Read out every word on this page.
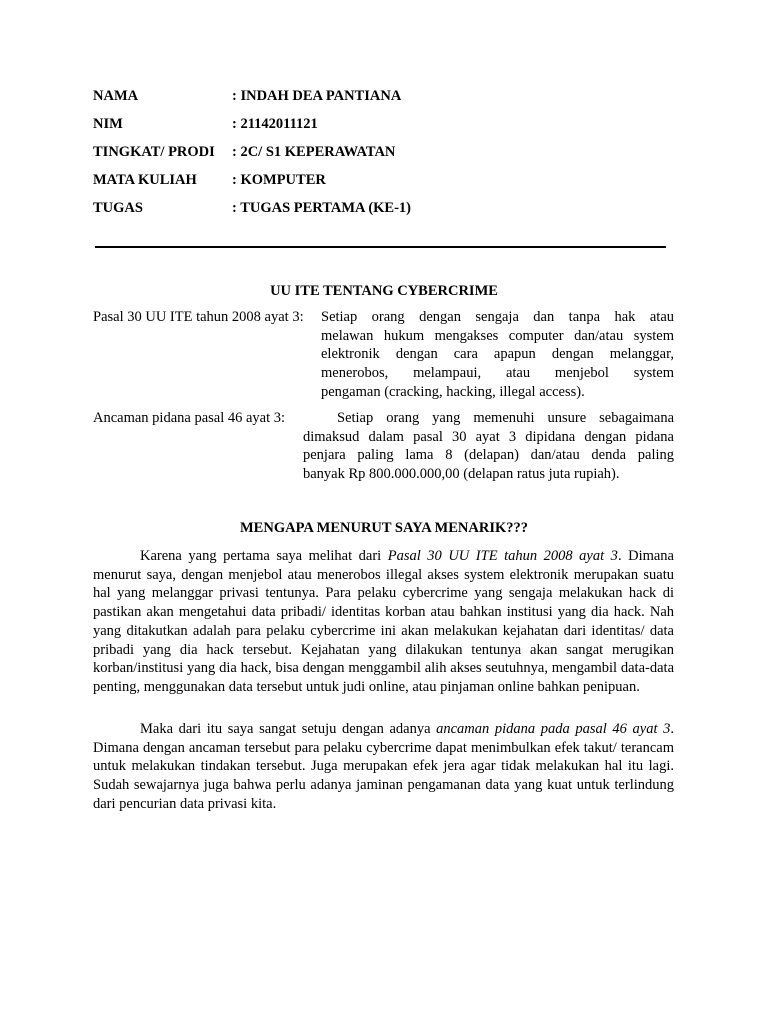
NAMA	: INDAH DEA PANTIANA
NIM	: 21142011121
TINGKAT/ PRODI : 2C/ S1 KEPERAWATAN
MATA KULIAH : KOMPUTER
TUGAS	: TUGAS PERTAMA (KE-1)
UU ITE TENTANG CYBERCRIME
Pasal 30 UU ITE tahun 2008 ayat 3: Setiap orang dengan sengaja dan tanpa hak atau
melawan hukum mengakses computer dan/atau system
elektronik dengan cara apapun dengan melanggar,
menerobos, melampaui, atau menjebol system
pengaman (cracking, hacking, illegal access).
Ancaman pidana pasal 46 ayat 3:	Setiap orang yang memenuhi unsure sebagaimana
dimaksud dalam pasal 30 ayat 3 dipidana dengan pidana
penjara paling lama 8 (delapan) dan/atau denda paling
banyak Rp 800.000.000,00 (delapan ratus juta rupiah).
MENGAPA MENURUT SAYA MENARIK???
Karena yang pertama saya melihat dari Pasal 30 UU ITE tahun 2008 ayat 3. Dimana menurut saya, dengan menjebol atau menerobos illegal akses system elektronik merupakan suatu hal yang melanggar privasi tentunya. Para pelaku cybercrime yang sengaja melakukan hack di pastikan akan mengetahui data pribadi/ identitas korban atau bahkan institusi yang dia hack. Nah yang ditakutkan adalah para pelaku cybercrime ini akan melakukan kejahatan dari identitas/ data pribadi yang dia hack tersebut. Kejahatan yang dilakukan tentunya akan sangat merugikan korban/institusi yang dia hack, bisa dengan menggambil alih akses seutuhnya, mengambil data-data penting, menggunakan data tersebut untuk judi online, atau pinjaman online bahkan penipuan.
Maka dari itu saya sangat setuju dengan adanya ancaman pidana pada pasal 46 ayat 3. Dimana dengan ancaman tersebut para pelaku cybercrime dapat menimbulkan efek takut/ terancam untuk melakukan tindakan tersebut. Juga merupakan efek jera agar tidak melakukan hal itu lagi. Sudah sewajarnya juga bahwa perlu adanya jaminan pengamanan data yang kuat untuk terlindung dari pencurian data privasi kita.
